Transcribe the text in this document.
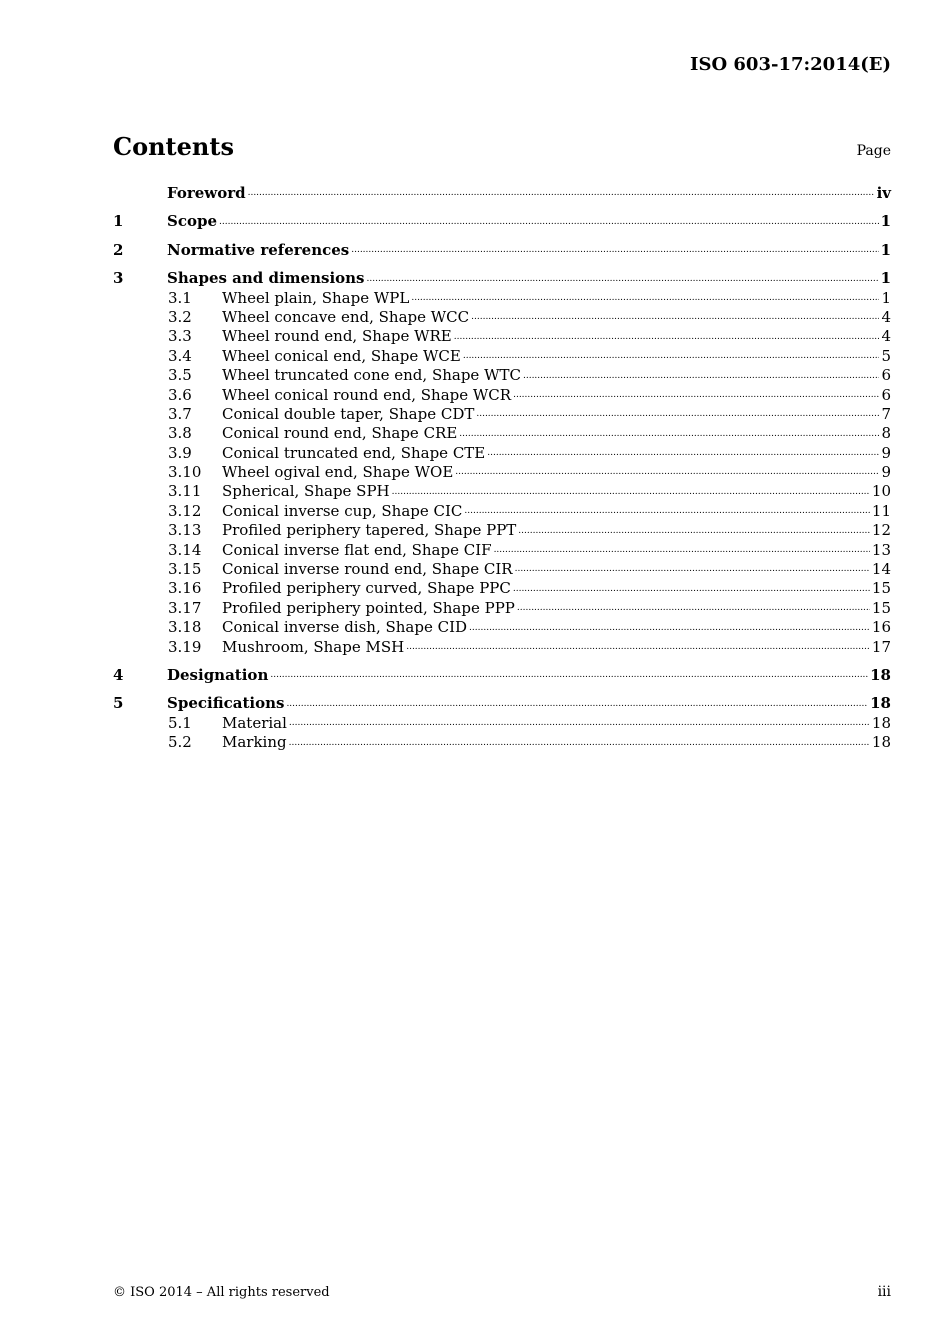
ISO 603-17:2014(E)
Contents	Page
Foreword .....	iv
1	Scope .....	1
2	Normative references .....	1
3	Shapes and dimensions .....	1
3.1	Wheel plain, Shape WPL .....	1
3.2	Wheel concave end, Shape WCC .....	4
3.3	Wheel round end, Shape WRE .....	4
3.4	Wheel conical end, Shape WCE .....	5
3.5	Wheel truncated cone end, Shape WTC .....	6
3.6	Wheel conical round end, Shape WCR .....	6
3.7	Conical double taper, Shape CDT .....	7
3.8	Conical round end, Shape CRE .....	8
3.9	Conical truncated end, Shape CTE .....	9
3.10	Wheel ogival end, Shape WOE .....	9
3.11	Spherical, Shape SPH .....	10
3.12	Conical inverse cup, Shape CIC .....	11
3.13	Profiled periphery tapered, Shape PPT .....	12
3.14	Conical inverse flat end, Shape CIF .....	13
3.15	Conical inverse round end, Shape CIR .....	14
3.16	Profiled periphery curved, Shape PPC .....	15
3.17	Profiled periphery pointed, Shape PPP .....	15
3.18	Conical inverse dish, Shape CID .....	16
3.19	Mushroom, Shape MSH .....	17
4	Designation .....	18
5	Specifications .....	18
5.1	Material .....	18
5.2	Marking .....	18
© ISO 2014 – All rights reserved	iii
